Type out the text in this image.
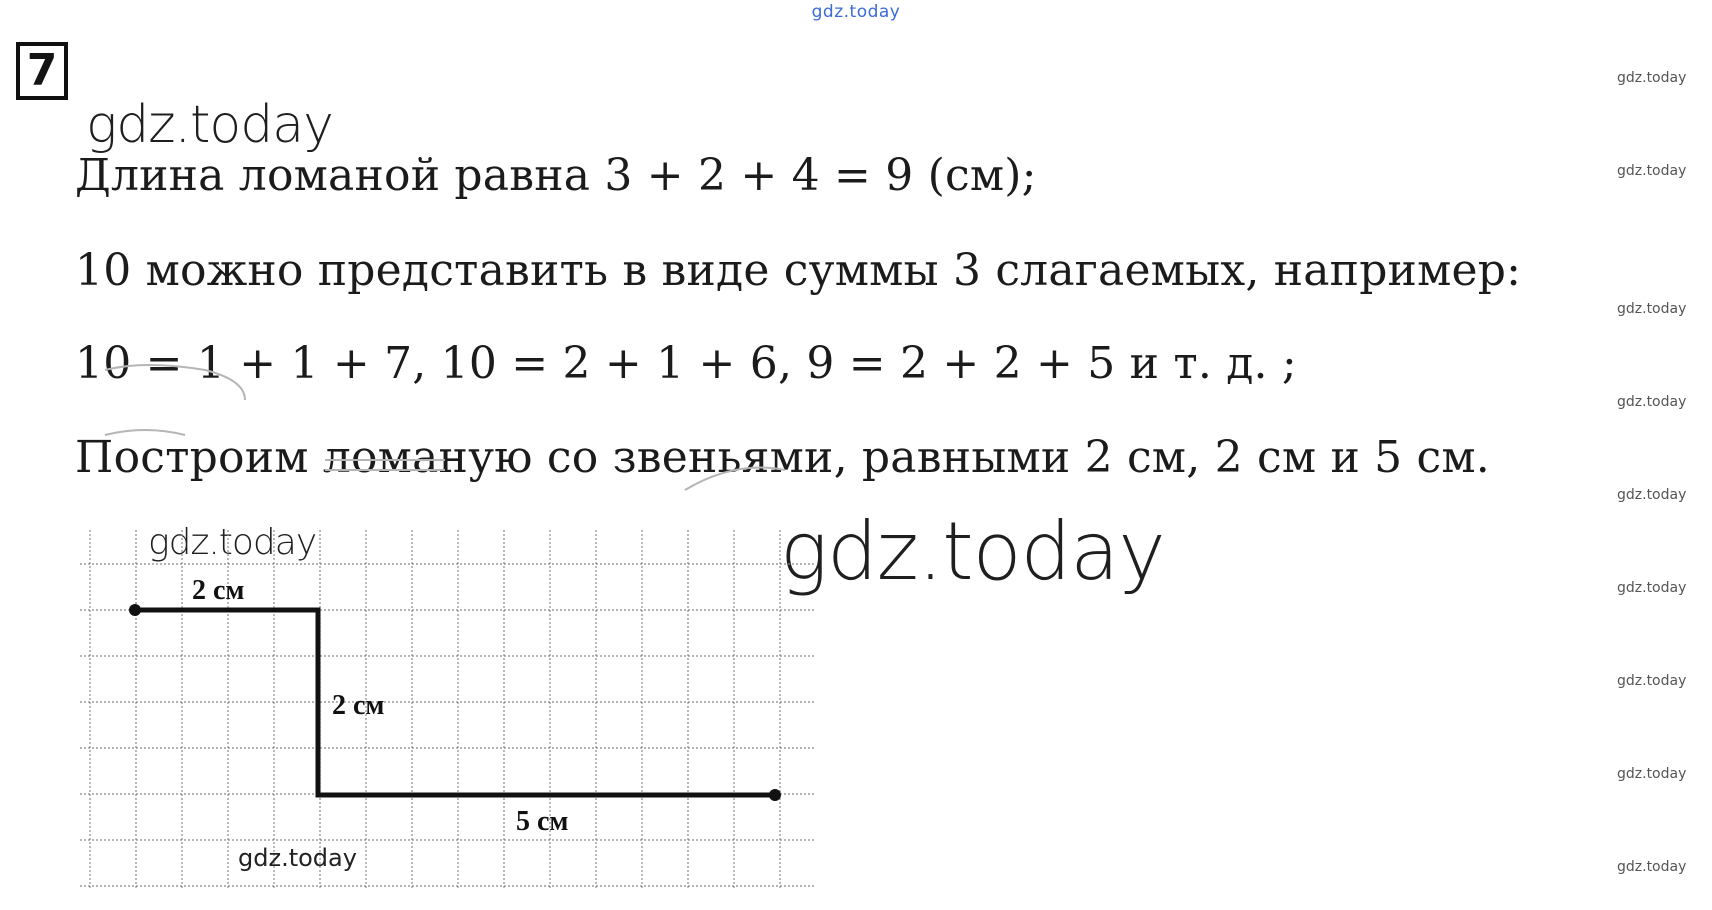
gdz.today
7
gdz.today
Длина ломаной равна 3 + 2 + 4 = 9 (см);
10 можно представить в виде суммы 3 слагаемых, например:
10 = 1 + 1 + 7, 10 = 2 + 1 + 6, 9 = 2 + 2 + 5 и т. д. ;
Построим ломаную со звеньями, равными 2 см, 2 см и 5 см.
gdz.today
gdz.today
2 см
2 см
5 см
gdz.today
gdz.today
gdz.today
gdz.today
gdz.today
gdz.today
gdz.today
gdz.today
gdz.today
gdz.today
